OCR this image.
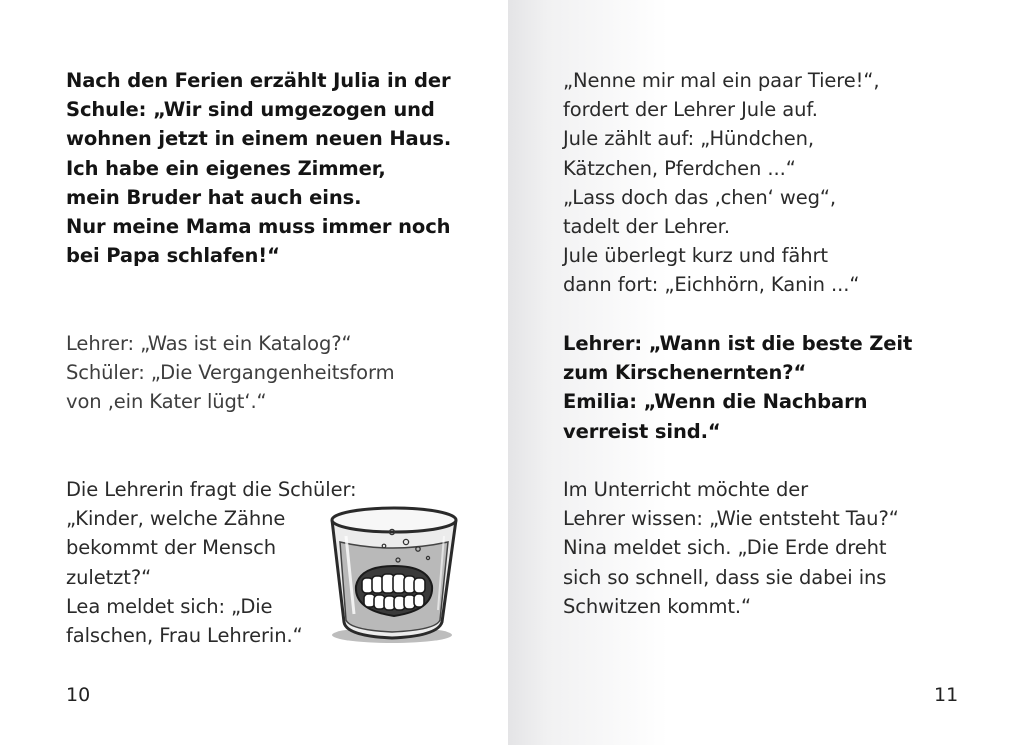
Nach den Ferien erzählt Julia in der
Schule: „Wir sind umgezogen und
wohnen jetzt in einem neuen Haus.
Ich habe ein eigenes Zimmer,
mein Bruder hat auch eins.
Nur meine Mama muss immer noch
bei Papa schlafen!“
Lehrer: „Was ist ein Katalog?“
Schüler: „Die Vergangenheitsform
von ‚ein Kater lügt‘.“
Die Lehrerin fragt die Schüler:
„Kinder, welche Zähne
bekommt der Mensch
zuletzt?“
Lea meldet sich: „Die
falschen, Frau Lehrerin.“
10
„Nenne mir mal ein paar Tiere!“,
fordert der Lehrer Jule auf.
Jule zählt auf: „Hündchen,
Kätzchen, Pferdchen ...“
„Lass doch das ‚chen‘ weg“,
tadelt der Lehrer.
Jule überlegt kurz und fährt
dann fort: „Eichhörn, Kanin ...“
Lehrer: „Wann ist die beste Zeit
zum Kirschenernten?“
Emilia: „Wenn die Nachbarn
verreist sind.“
Im Unterricht möchte der
Lehrer wissen: „Wie entsteht Tau?“
Nina meldet sich. „Die Erde dreht
sich so schnell, dass sie dabei ins
Schwitzen kommt.“
11
